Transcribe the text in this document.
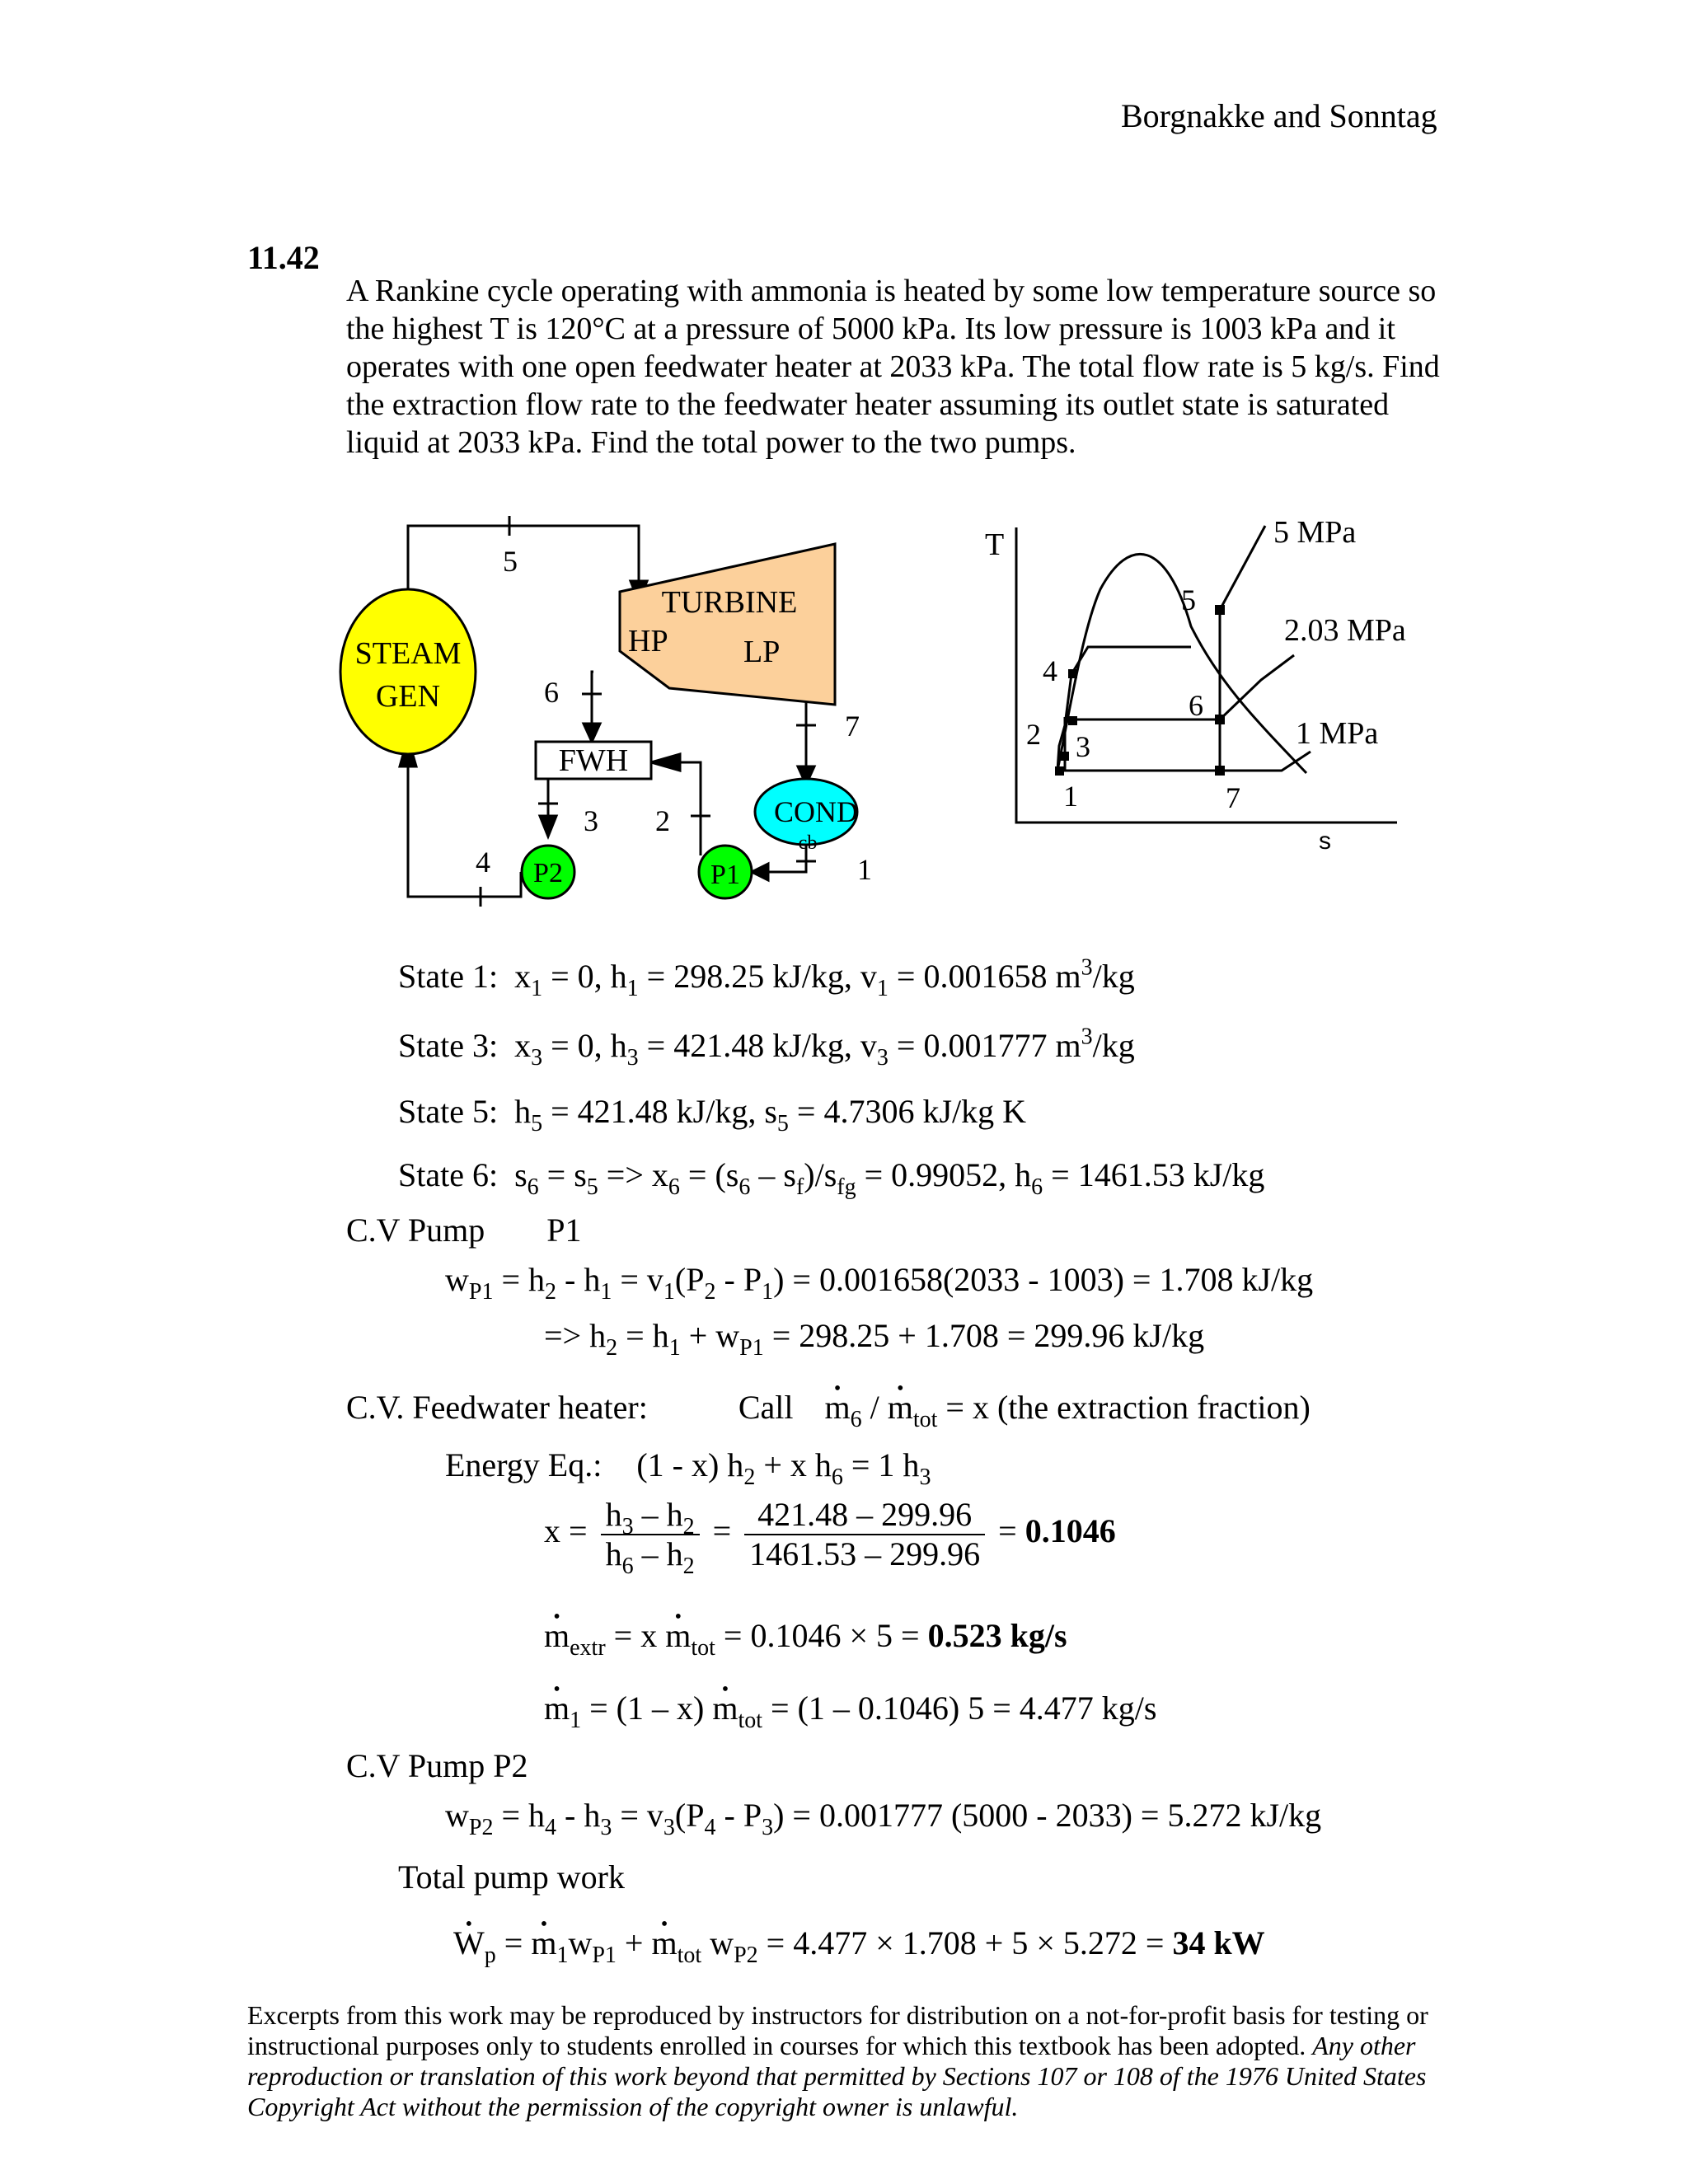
Borgnakke and Sonntag
11.42
A Rankine cycle operating with ammonia is heated by some low temperature source so the highest T is 120°C at a pressure of 5000 kPa. Its low pressure is 1003 kPa and it operates with one open feedwater heater at 2033 kPa. The total flow rate is 5 kg/s. Find the extraction flow rate to the feedwater heater assuming its outlet state is saturated liquid at 2033 kPa. Find the total power to the two pumps.
STEAM
GEN
TURBINE
HP LP
FWH
COND
cb
P2	P1	1
2
3
4
5
6
7
T
s
5 MPa
2.03 MPa
1 MPa
1
2 3
4
5
6
7
State 1: $x_1 = 0$, $h_1 = 298.25$ kJ/kg, $v_1 = 0.001658$ $m^3/kg$
State 3: $x_3 = 0$, $h_3 = 421.48$ kJ/kg, $v_3 = 0.001777$ $m^3/kg$
State 5: $h_5 = 421.48$ kJ/kg, $s_5 = 4.7306$ kJ/kg K
State 6: $s_6 = s_5 => x_6 = (s_6 - s_f)/s_{fg} = 0.99052$, $h_6 = 1461.53$ kJ/kg
C.V Pump P1
$w_{P1} = h_2 - h_1 = v_1(P_2 - P_1) = 0.001658(2033 - 1003) = 1.708$ kJ/kg
=> $h_2 = h_1 + w_{P1} = 298.25 + 1.708 = 299.96$ kJ/kg
C.V. Feedwater heater:	Call• $m_6$ / • $m_{tot} = x$ (the extraction fraction)
Energy Eq.: (1 - x) $h_2 + x$ $h_6 = 1$ $h_3$
$x = \frac{h_3 - h_2}{h_6 - h_2} = \frac{421.48 - 299.96}{1461.53 - 299.96} = 0.1046$
• $m_{extr} = x$ • $m_{tot} = 0.1046 \times 5 = 0.523$ kg/s
• $m_1 = (1 - x)$ • $m_{tot} = (1 - 0.1046) 5 = 4.477$ kg/s
C.V Pump P2
$w_{P2} = h_4 - h_3 = v_3(P_4 - P_3) = 0.001777$ (5000 - 2033) = 5.272 kJ/kg
Total pump work
• $W_p$ = • $m_1w_{P1}$ + • $m_{tot}$ $w_{P2} = 4.477 \times 1.708 + 5 \times 5.272 = 34$ kW
Excerpts from this work may be reproduced by instructors for distribution on a not-for-profit basis for testing or instructional purposes only to students enrolled in courses for which this textbook has been adopted. Any other reproduction or translation of this work beyond that permitted by Sections 107 or 108 of the 1976 United States Copyright Act without the permission of the copyright owner is unlawful.
